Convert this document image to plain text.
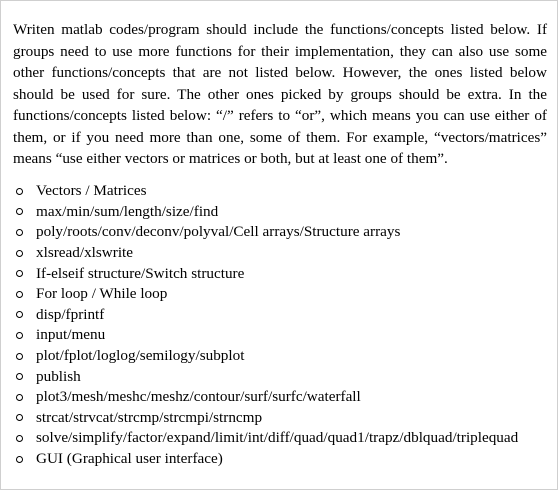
Writen matlab codes/program should include the functions/concepts listed below. If groups need to use more functions for their implementation, they can also use some other functions/concepts that are not listed below. However, the ones listed below should be used for sure. The other ones picked by groups should be extra. In the functions/concepts listed below: “/” refers to “or”, which means you can use either of them, or if you need more than one, some of them. For example, “vectors/matrices” means “use either vectors or matrices or both, but at least one of them”.

Vectors / Matrices
max/min/sum/length/size/find
poly/roots/conv/deconv/polyval/Cell arrays/Structure arrays
xlsread/xlswrite
If-elseif structure/Switch structure
For loop / While loop
disp/fprintf
input/menu
plot/fplot/loglog/semilogy/subplot
publish
plot3/mesh/meshc/meshz/contour/surf/surfc/waterfall
strcat/strvcat/strcmp/strcmpi/strncmp
solve/simplify/factor/expand/limit/int/diff/quad/quad1/trapz/dblquad/triplequad
GUI (Graphical user interface)
